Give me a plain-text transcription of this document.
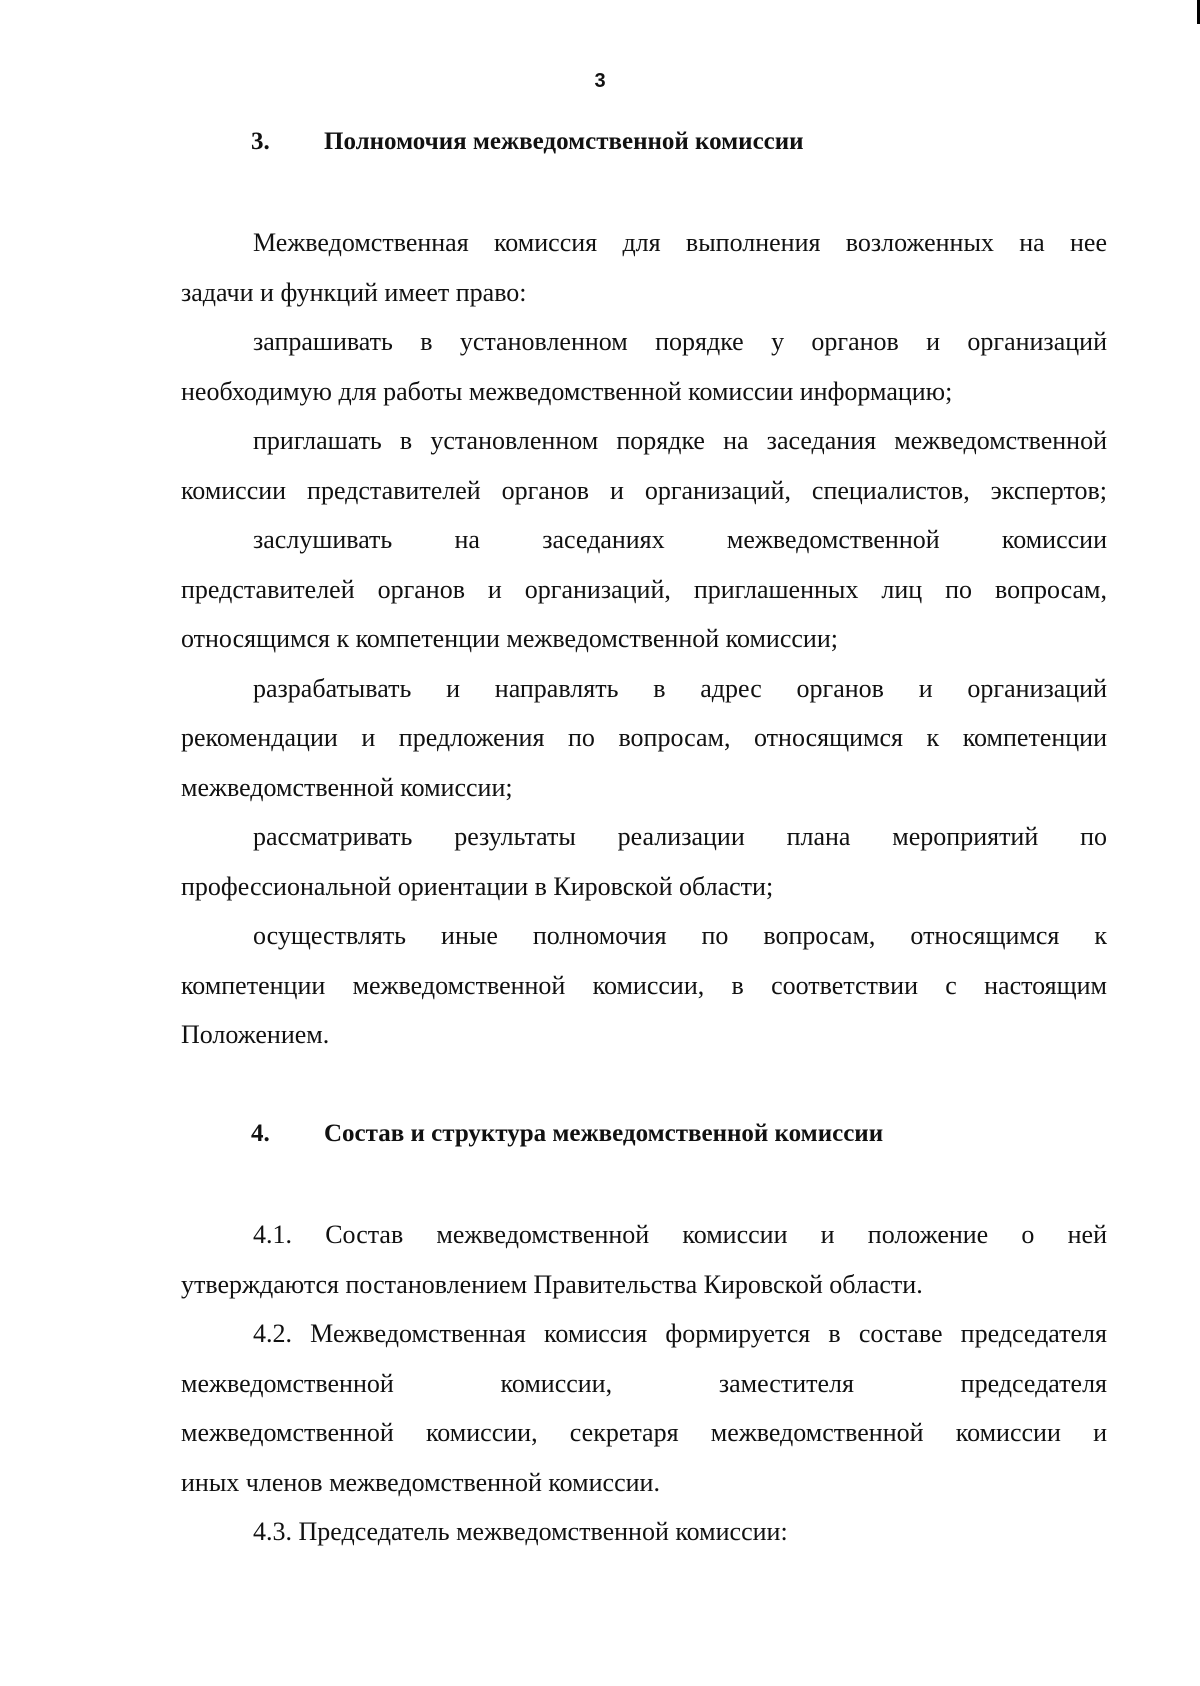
3
3. Полномочия межведомственной комиссии
Межведомственная комиссия для выполнения возложенных на нее
задачи и функций имеет право:
запрашивать в установленном порядке у органов и организаций
необходимую для работы межведомственной комиссии информацию;
приглашать в установленном порядке на заседания межведомственной
комиссии представителей органов и организаций, специалистов, экспертов;
заслушивать на заседаниях межведомственной комиссии
представителей органов и организаций, приглашенных лиц по вопросам,
относящимся к компетенции межведомственной комиссии;
разрабатывать и направлять в адрес органов и организаций
рекомендации и предложения по вопросам, относящимся к компетенции
межведомственной комиссии;
рассматривать результаты реализации плана мероприятий по
профессиональной ориентации в Кировской области;
осуществлять иные полномочия по вопросам, относящимся к
компетенции межведомственной комиссии, в соответствии с настоящим
Положением.
4. Состав и структура межведомственной комиссии
4.1. Состав межведомственной комиссии и положение о ней
утверждаются постановлением Правительства Кировской области.
4.2. Межведомственная комиссия формируется в составе председателя
межведомственной комиссии, заместителя председателя
межведомственной комиссии, секретаря межведомственной комиссии и
иных членов межведомственной комиссии.
4.3. Председатель межведомственной комиссии:
